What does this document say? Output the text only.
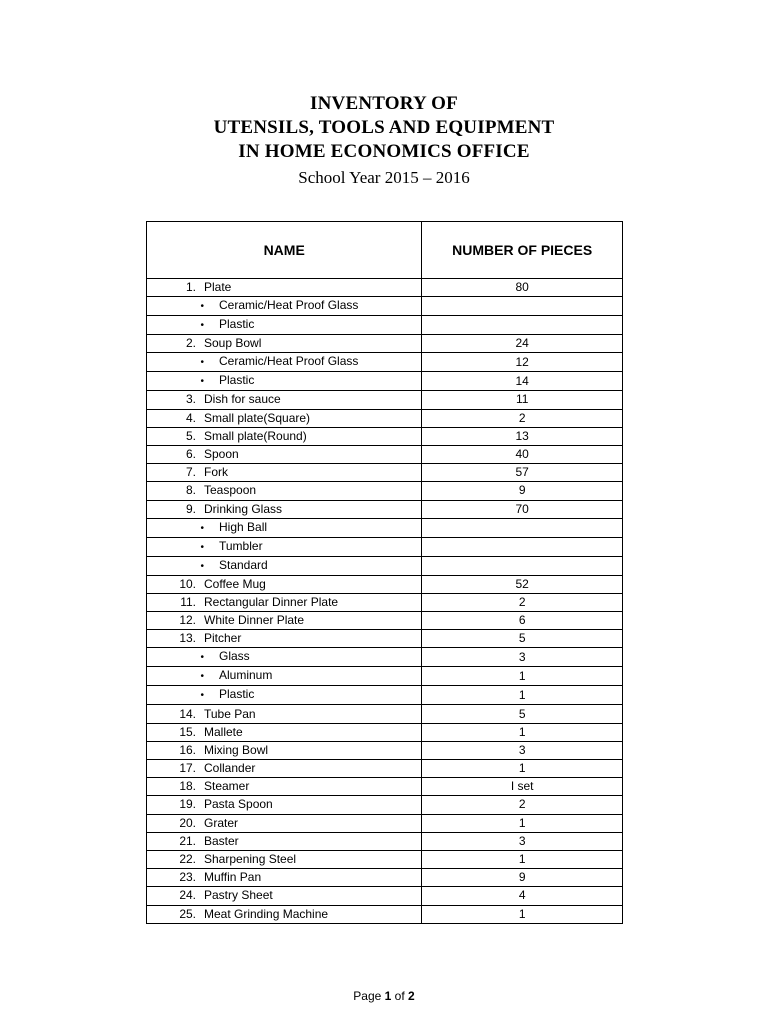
INVENTORY OF
UTENSILS, TOOLS AND EQUIPMENT
IN HOME ECONOMICS OFFICE
School Year 2015 – 2016
NAME	NUMBER OF PIECES
1. Plate	80
• Ceramic/Heat Proof Glass	
• Plastic	
2. Soup Bowl	24
• Ceramic/Heat Proof Glass	12
• Plastic	14
3. Dish for sauce	11
4. Small plate(Square)	2
5. Small plate(Round)	13
6. Spoon	40
7. Fork	57
8. Teaspoon	9
9. Drinking Glass	70
• High Ball	
• Tumbler	
• Standard	
10. Coffee Mug	52
11. Rectangular Dinner Plate	2
12. White Dinner Plate	6
13. Pitcher	5
• Glass	3
• Aluminum	1
• Plastic	1
14. Tube Pan	5
15. Mallete	1
16. Mixing Bowl	3
17. Collander	1
18. Steamer	I set
19. Pasta Spoon	2
20. Grater	1
21. Baster	3
22. Sharpening Steel	1
23. Muffin Pan	9
24. Pastry Sheet	4
25. Meat Grinding Machine	1
Page 1 of 2
